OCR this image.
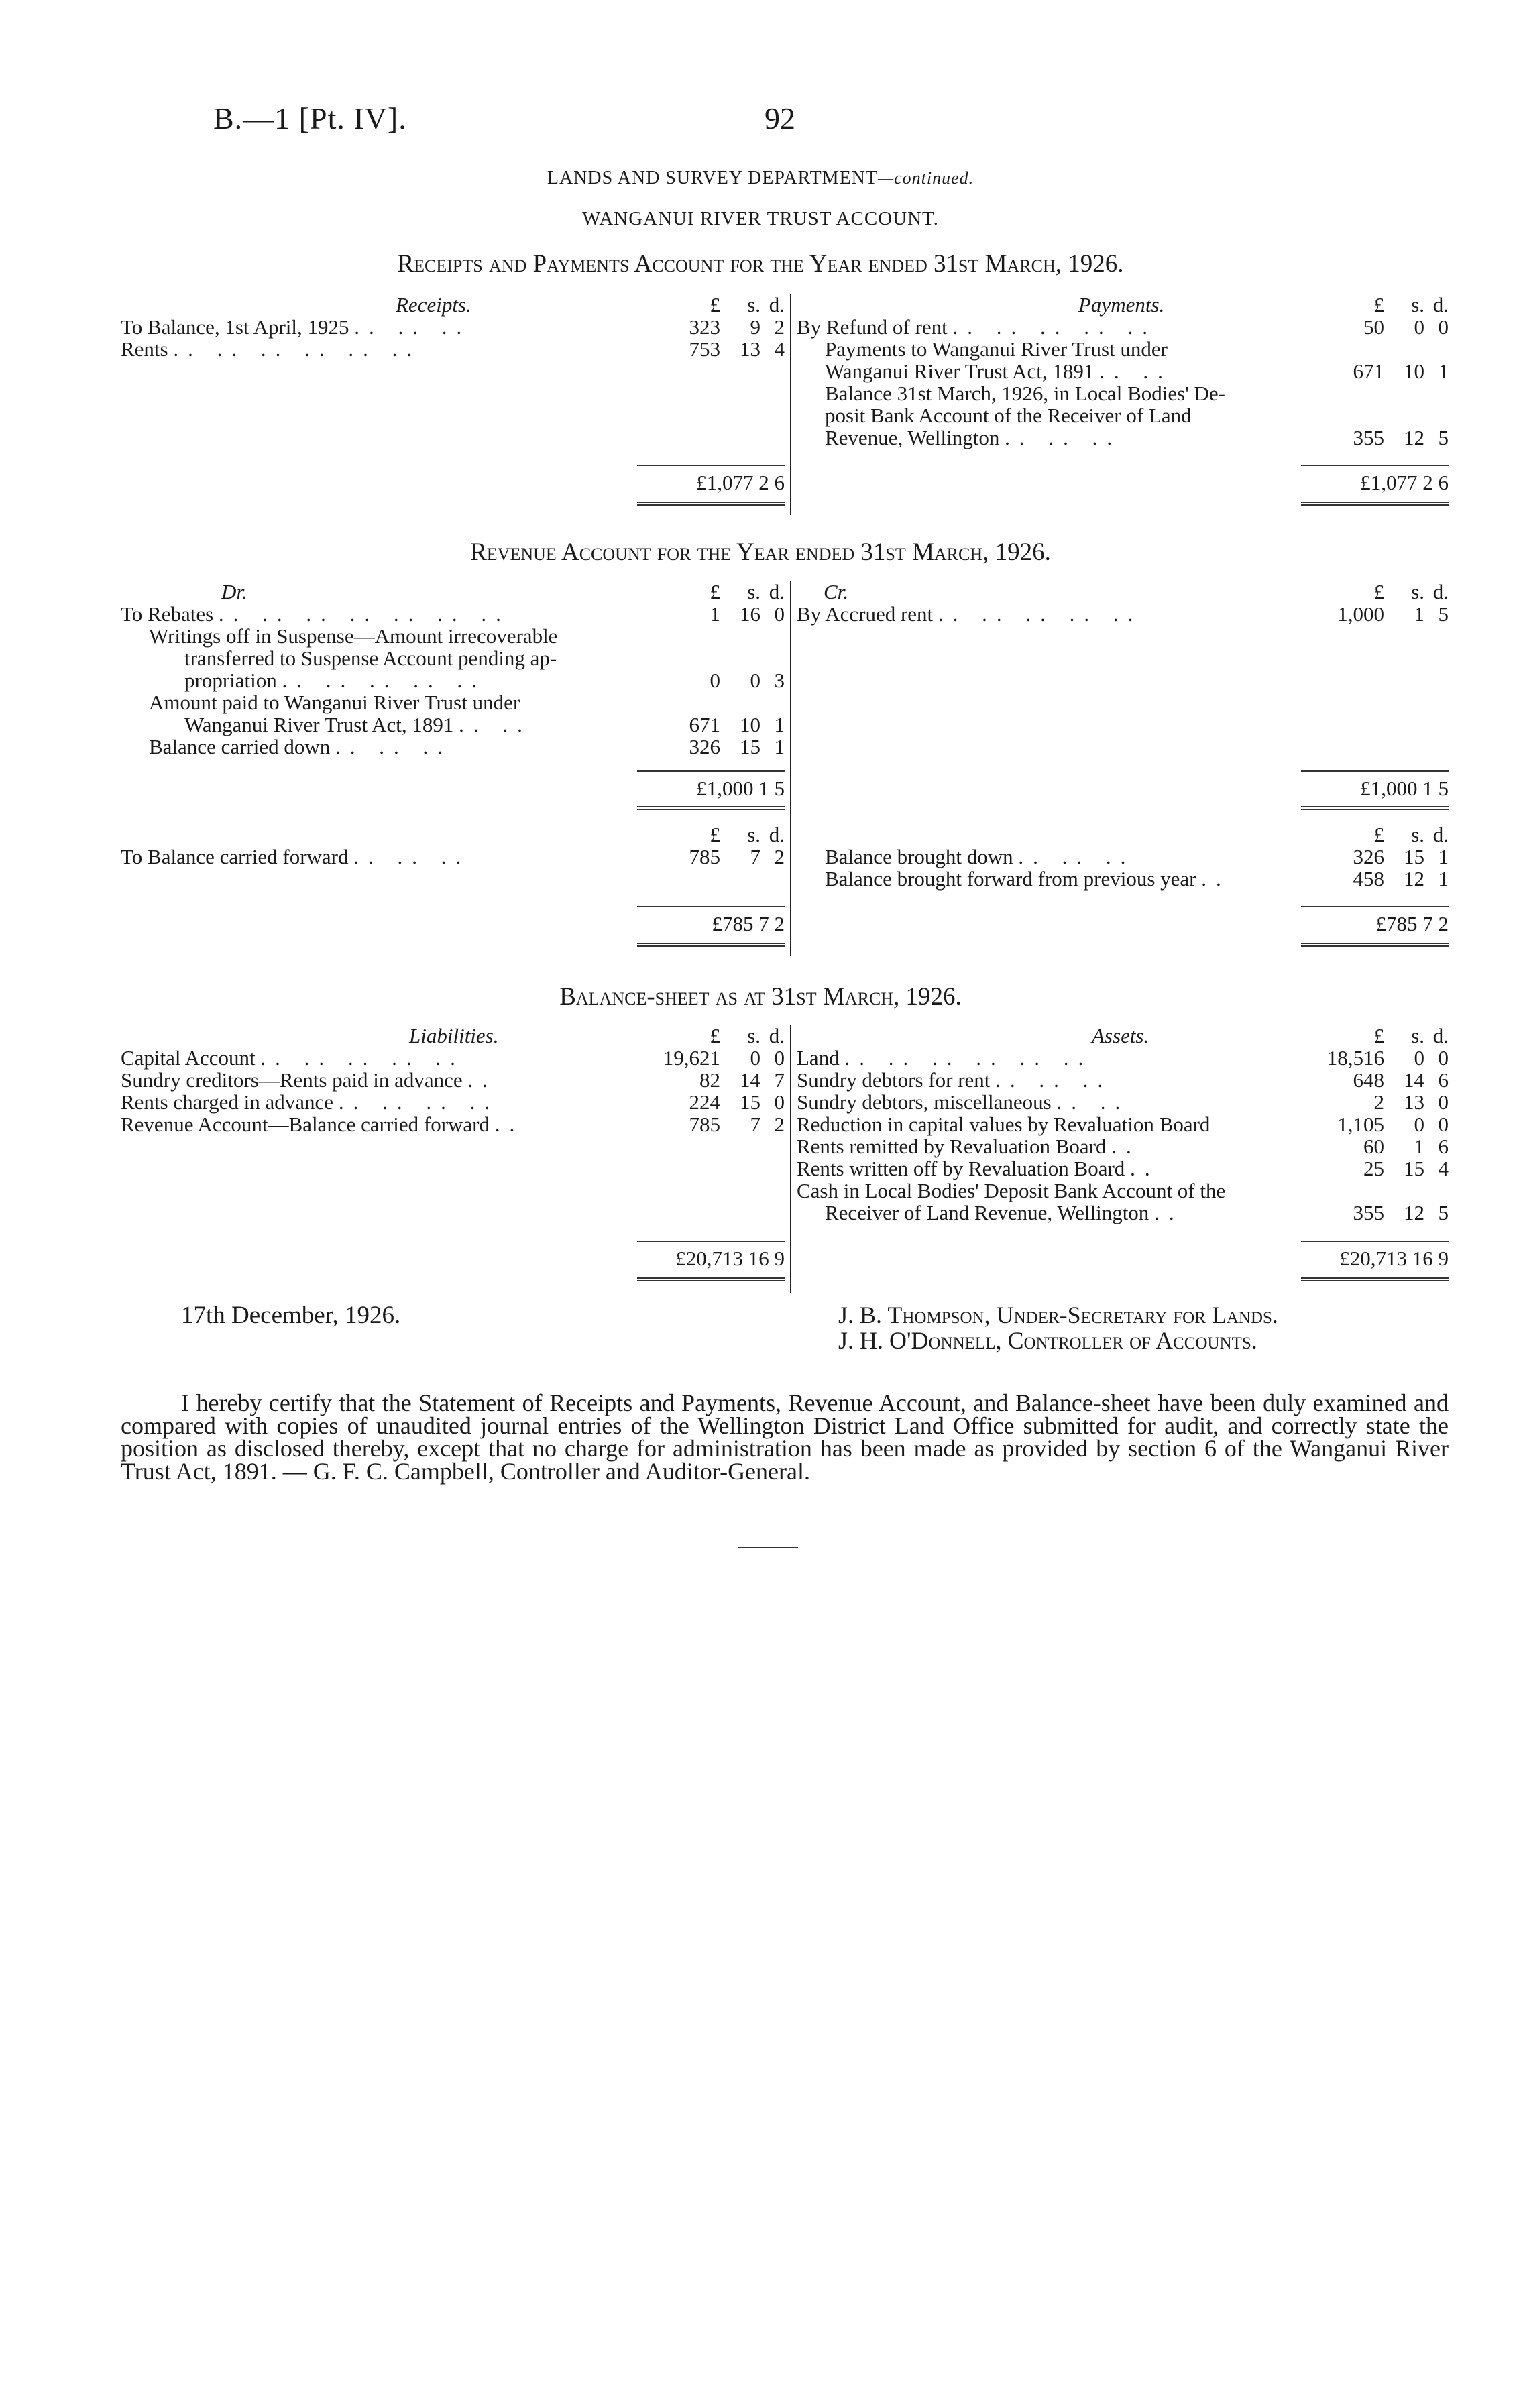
B.—1 [Pt. IV].	92
LANDS AND SURVEY DEPARTMENT—continued.
WANGANUI RIVER TRUST ACCOUNT.
Receipts and Payments Account for the Year ended 31st March, 1926.
Receipts.	£	s. d.
To Balance, 1st April, 1925 .. .. ..	323	9 2
Rents .. .. .. .. .. ..	753 13 4
£1,077 2 6
Payments.	£	s. d.
By Refund of rent .. .. .. .. ..	50	0 0
Payments to Wanganui River Trust under
Wanganui River Trust Act, 1891 .. ..	671 10 1
Balance 31st March, 1926, in Local Bodies' De-
posit Bank Account of the Receiver of Land
Revenue, Wellington .. .. ..	355 12 5
£1,077 2 6
Revenue Account for the Year ended 31st March, 1926.
Dr.	£	s. d.
To Rebates .. .. .. .. .. .. ..	1 16 0
Writings off in Suspense—Amount irrecoverable
transferred to Suspense Account pending ap-
propriation .. .. .. .. ..	0	0 3
Amount paid to Wanganui River Trust under
Wanganui River Trust Act, 1891 .. ..	671 10 1
Balance carried down .. .. ..	326 15 1
£1,000 1 5
£	s. d.
To Balance carried forward .. .. ..	785	7 2
£785 7 2
Cr.	£	s. d.
By Accrued rent .. .. .. .. ..	1,000	1 5
£1,000 1 5
£	s. d.
Balance brought down .. .. ..	326 15 1
Balance brought forward from previous year ..	458 12 1
£785 7 2
Balance-sheet as at 31st March, 1926.
Liabilities.	£	s. d.
Capital Account .. .. .. .. ..	19,621	0 0
Sundry creditors—Rents paid in advance ..	82 14 7
Rents charged in advance .. .. .. ..	224 15 0
Revenue Account—Balance carried forward ..	785	7 2
£20,713 16 9
Assets.	£	s. d.
Land .. .. .. .. .. ..	18,516	0 0
Sundry debtors for rent .. .. ..	648 14 6
Sundry debtors, miscellaneous .. ..	2 13 0
Reduction in capital values by Revaluation Board	1,105	0 0
Rents remitted by Revaluation Board ..	60	1 6
Rents written off by Revaluation Board ..	25 15 4
Cash in Local Bodies' Deposit Bank Account of the
Receiver of Land Revenue, Wellington ..	355 12 5
£20,713 16 9
17th December, 1926.	J. B. Thompson, Under-Secretary for Lands.
J. H. O'Donnell, Controller of Accounts.
I hereby certify that the Statement of Receipts and Payments, Revenue Account, and Balance-sheet have been duly examined and compared with copies of unaudited journal entries of the Wellington District Land Office submitted for audit, and correctly state the position as disclosed thereby, except that no charge for administration has been made as provided by section 6 of the Wanganui River Trust Act, 1891. — G. F. C. Campbell, Controller and Auditor-General.
